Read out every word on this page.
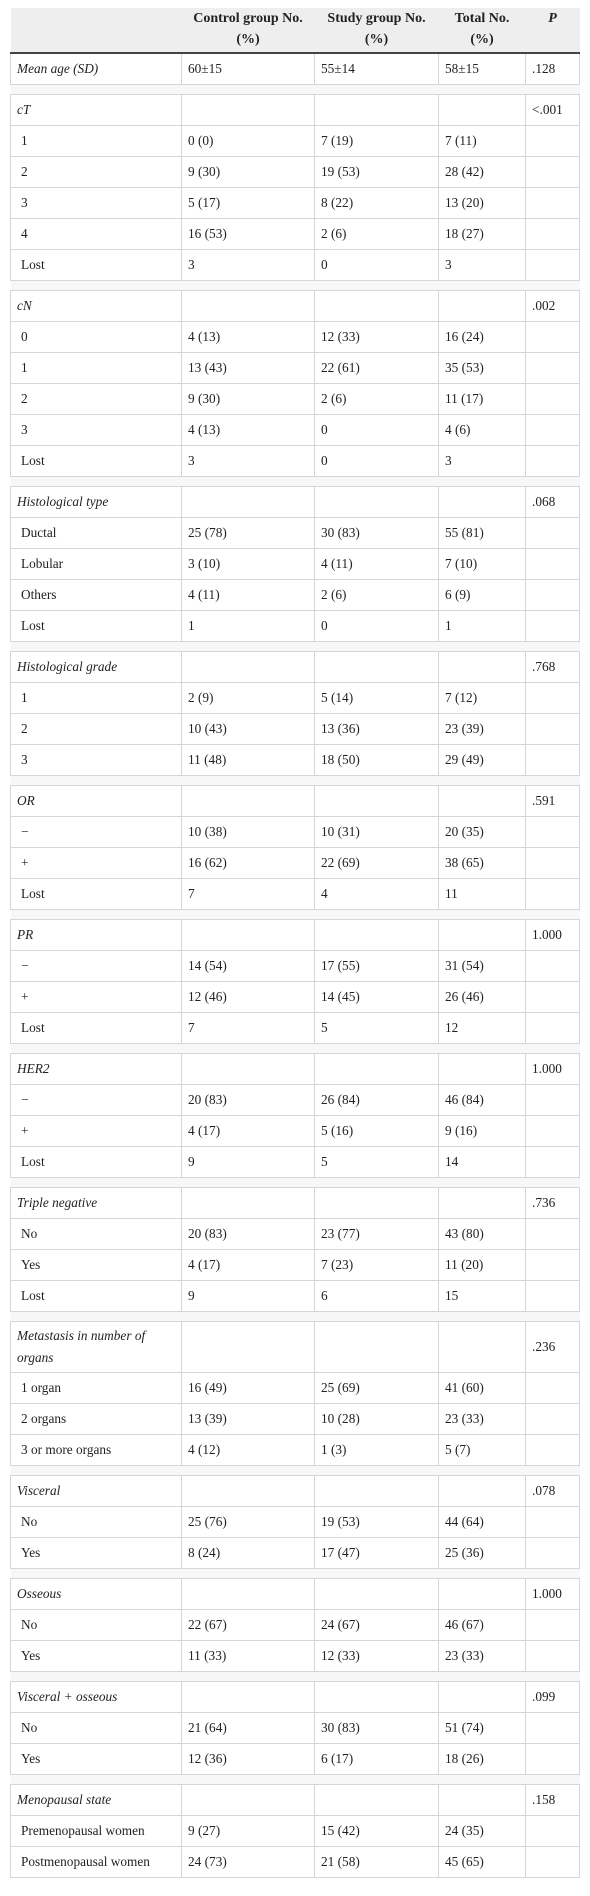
	Control group No. (%)	Study group No. (%)	Total No. (%)	P
Mean age (SD)	60±15	55±14	58±15	.128

cT				<.001
1	0 (0)	7 (19)	7 (11)	
2	9 (30)	19 (53)	28 (42)	
3	5 (17)	8 (22)	13 (20)	
4	16 (53)	2 (6)	18 (27)	
Lost	3	0	3	

cN				.002
0	4 (13)	12 (33)	16 (24)	
1	13 (43)	22 (61)	35 (53)	
2	9 (30)	2 (6)	11 (17)	
3	4 (13)	0	4 (6)	
Lost	3	0	3	

Histological type				.068
Ductal	25 (78)	30 (83)	55 (81)	
Lobular	3 (10)	4 (11)	7 (10)	
Others	4 (11)	2 (6)	6 (9)	
Lost	1	0	1	

Histological grade				.768
1	2 (9)	5 (14)	7 (12)	
2	10 (43)	13 (36)	23 (39)	
3	11 (48)	18 (50)	29 (49)	

OR				.591
−	10 (38)	10 (31)	20 (35)	
+	16 (62)	22 (69)	38 (65)	
Lost	7	4	11	

PR				1.000
−	14 (54)	17 (55)	31 (54)	
+	12 (46)	14 (45)	26 (46)	
Lost	7	5	12	

HER2				1.000
−	20 (83)	26 (84)	46 (84)	
+	4 (17)	5 (16)	9 (16)	
Lost	9	5	14	

Triple negative				.736
No	20 (83)	23 (77)	43 (80)	
Yes	4 (17)	7 (23)	11 (20)	
Lost	9	6	15	

Metastasis in number of organs				.236
1 organ	16 (49)	25 (69)	41 (60)	
2 organs	13 (39)	10 (28)	23 (33)	
3 or more organs	4 (12)	1 (3)	5 (7)	

Visceral				.078
No	25 (76)	19 (53)	44 (64)	
Yes	8 (24)	17 (47)	25 (36)	

Osseous				1.000
No	22 (67)	24 (67)	46 (67)	
Yes	11 (33)	12 (33)	23 (33)	

Visceral + osseous				.099
No	21 (64)	30 (83)	51 (74)	
Yes	12 (36)	6 (17)	18 (26)	

Menopausal state				.158
Premenopausal women	9 (27)	15 (42)	24 (35)	
Postmenopausal women	24 (73)	21 (58)	45 (65)	
